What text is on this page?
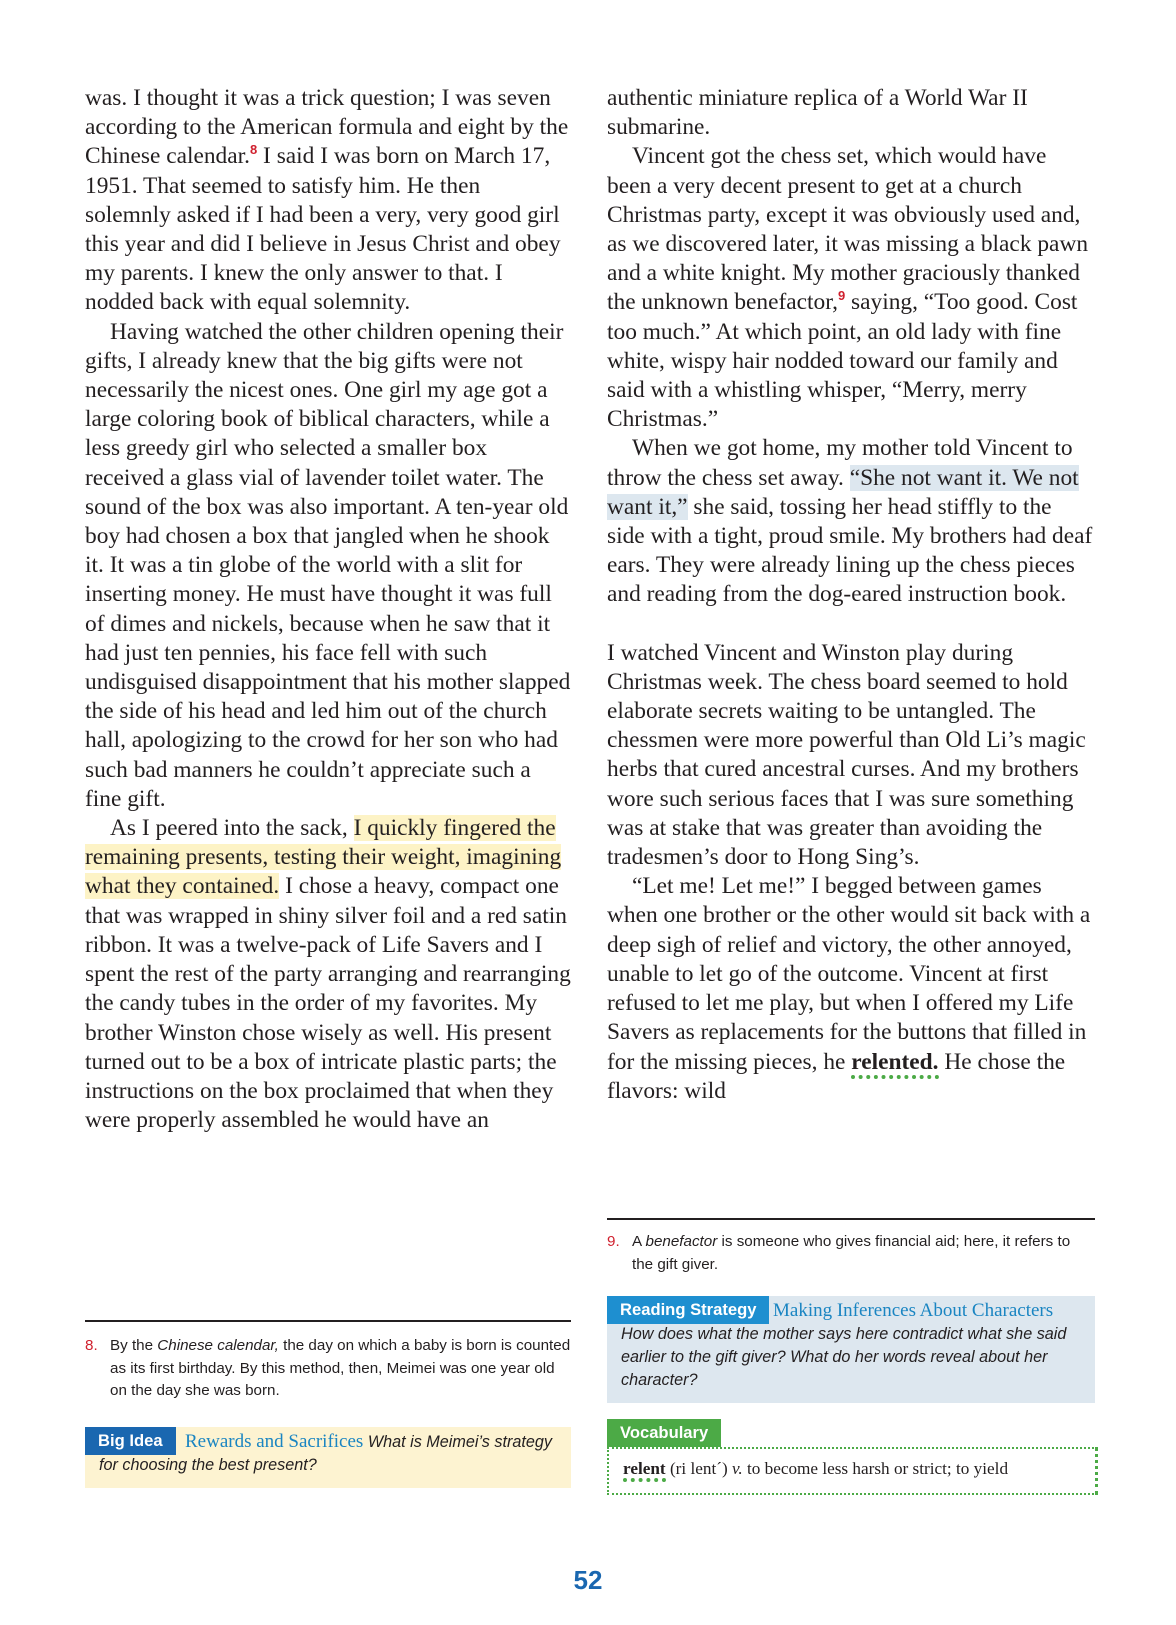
was. I thought it was a trick question; I was seven according to the American formula and eight by the Chinese calendar.$^8$ I said I was born on March 17, 1951. That seemed to satisfy him. He then solemnly asked if I had been a very, very good girl this year and did I believe in Jesus Christ and obey my parents. I knew the only answer to that. I nodded back with equal solemnity.

Having watched the other children opening their gifts, I already knew that the big gifts were not necessarily the nicest ones. One girl my age got a large coloring book of biblical characters, while a less greedy girl who selected a smaller box received a glass vial of lavender toilet water. The sound of the box was also important. A ten-year old boy had chosen a box that jangled when he shook it. It was a tin globe of the world with a slit for inserting money. He must have thought it was full of dimes and nickels, because when he saw that it had just ten pennies, his face fell with such undisguised disappointment that his mother slapped the side of his head and led him out of the church hall, apologizing to the crowd for her son who had such bad manners he couldn’t appreciate such a fine gift.

As I peered into the sack, I quickly fingered the remaining presents, testing their weight, imagining what they contained. I chose a heavy, compact one that was wrapped in shiny silver foil and a red satin ribbon. It was a twelve-pack of Life Savers and I spent the rest of the party arranging and rearranging the candy tubes in the order of my favorites. My brother Winston chose wisely as well. His present turned out to be a box of intricate plastic parts; the instructions on the box proclaimed that when they were properly assembled he would have an

authentic miniature replica of a World War II submarine.

Vincent got the chess set, which would have been a very decent present to get at a church Christmas party, except it was obviously used and, as we discovered later, it was missing a black pawn and a white knight. My mother graciously thanked the unknown benefactor,$^9$ saying, “Too good. Cost too much.” At which point, an old lady with fine white, wispy hair nodded toward our family and said with a whistling whisper, “Merry, merry Christmas.”

When we got home, my mother told Vincent to throw the chess set away. “She not want it. We not want it,” she said, tossing her head stiffly to the side with a tight, proud smile. My brothers had deaf ears. They were already lining up the chess pieces and reading from the dog-eared instruction book.

I watched Vincent and Winston play during Christmas week. The chess board seemed to hold elaborate secrets waiting to be untangled. The chessmen were more powerful than Old Li’s magic herbs that cured ancestral curses. And my brothers wore such serious faces that I was sure something was at stake that was greater than avoiding the tradesmen’s door to Hong Sing’s.

“Let me! Let me!” I begged between games when one brother or the other would sit back with a deep sigh of relief and victory, the other annoyed, unable to let go of the outcome. Vincent at first refused to let me play, but when I offered my Life Savers as replacements for the buttons that filled in for the missing pieces, he relented. He chose the flavors: wild

8. By the Chinese calendar, the day on which a baby is born is counted as its first birthday. By this method, then, Meimei was one year old on the day she was born.
Big Idea	Rewards and Sacrifices What is Meimei’s strategy for choosing the best present?
9. A benefactor is someone who gives financial aid; here, it refers to the gift giver.
Reading Strategy Making Inferences About Characters How does what the mother says here contradict what she said earlier to the gift giver? What do her words reveal about her character?
Vocabulary
relent (ri lent´) v. to become less harsh or strict; to yield
52
